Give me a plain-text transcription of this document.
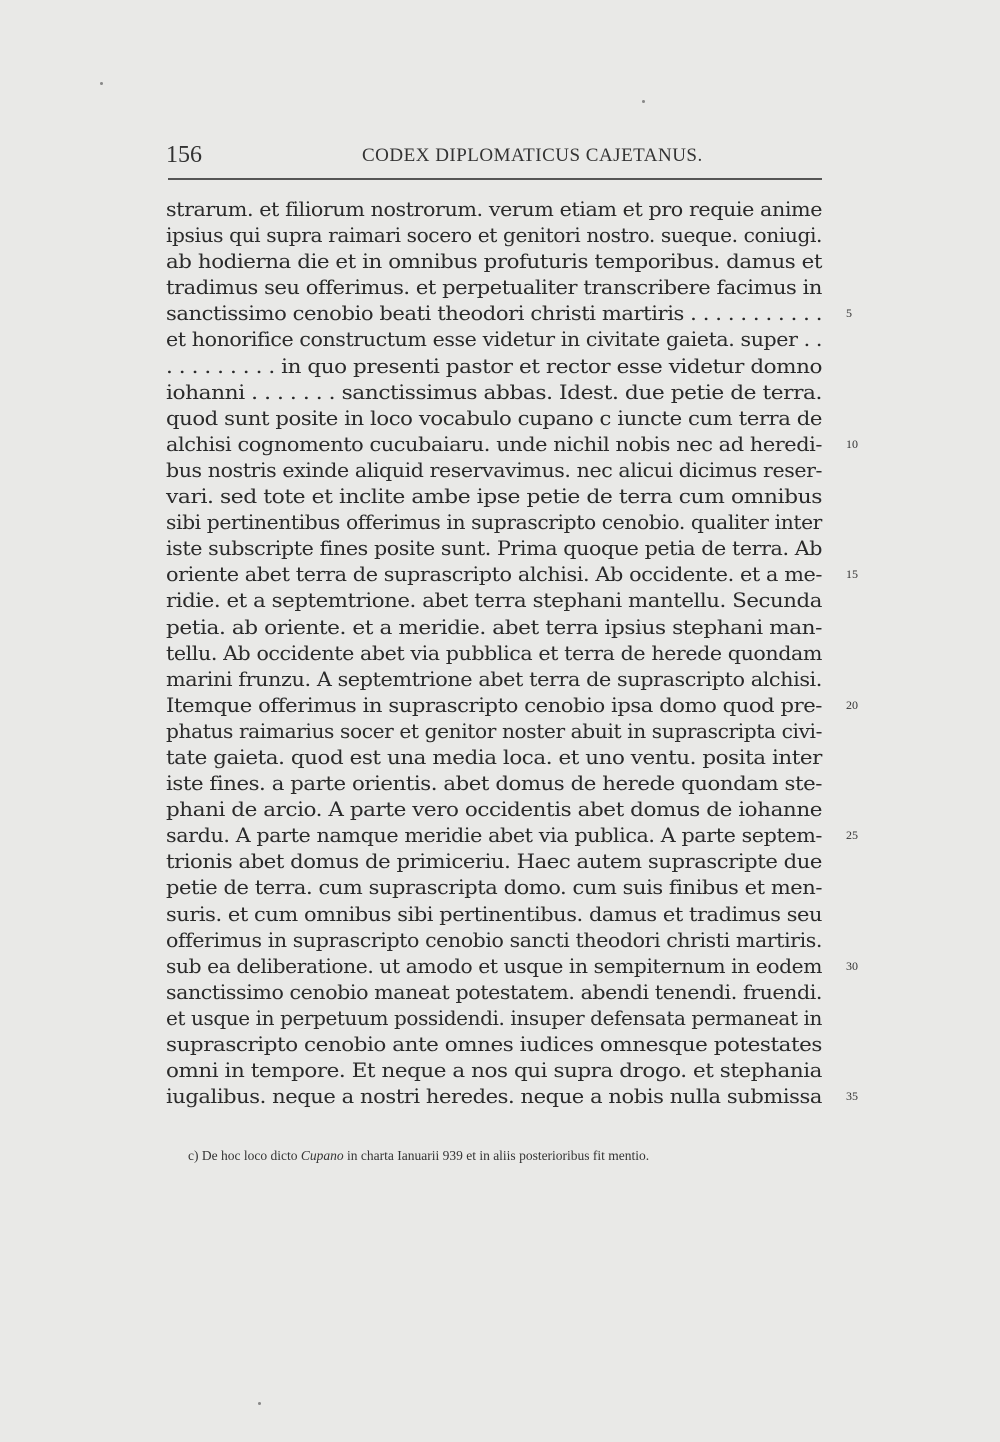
156	CODEX DIPLOMATICUS CAJETANUS.
strarum. et filiorum nostrorum. verum etiam et pro requie anime
ipsius qui supra raimari socero et genitori nostro. sueque. coniugi.
ab hodierna die et in omnibus profuturis temporibus. damus et
tradimus seu offerimus. et perpetualiter transcribere facimus in
sanctissimo cenobio beati theodori christi martiris . . . . . . . . . . . 5
et honorifice constructum esse videtur in civitate gaieta. super . .
. . . . . . . . . in quo presenti pastor et rector esse videtur domno
iohanni . . . . . . . sanctissimus abbas. Idest. due petie de terra.
quod sunt posite in loco vocabulo cupano c iuncte cum terra de
alchisi cognomento cucubaiaru. unde nichil nobis nec ad heredi- 10
bus nostris exinde aliquid reservavimus. nec alicui dicimus reser-
vari. sed tote et inclite ambe ipse petie de terra cum omnibus
sibi pertinentibus offerimus in suprascripto cenobio. qualiter inter
iste subscripte fines posite sunt. Prima quoque petia de terra. Ab
oriente abet terra de suprascripto alchisi. Ab occidente. et a me- 15
ridie. et a septemtrione. abet terra stephani mantellu. Secunda
petia. ab oriente. et a meridie. abet terra ipsius stephani man-
tellu. Ab occidente abet via pubblica et terra de herede quondam
marini frunzu. A septemtrione abet terra de suprascripto alchisi.
Itemque offerimus in suprascripto cenobio ipsa domo quod pre- 20
phatus raimarius socer et genitor noster abuit in suprascripta civi-
tate gaieta. quod est una media loca. et uno ventu. posita inter
iste fines. a parte orientis. abet domus de herede quondam ste-
phani de arcio. A parte vero occidentis abet domus de iohanne
sardu. A parte namque meridie abet via publica. A parte septem- 25
trionis abet domus de primiceriu. Haec autem suprascripte due
petie de terra. cum suprascripta domo. cum suis finibus et men-
suris. et cum omnibus sibi pertinentibus. damus et tradimus seu
offerimus in suprascripto cenobio sancti theodori christi martiris.
sub ea deliberatione. ut amodo et usque in sempiternum in eodem 30
sanctissimo cenobio maneat potestatem. abendi tenendi. fruendi.
et usque in perpetuum possidendi. insuper defensata permaneat in
suprascripto cenobio ante omnes iudices omnesque potestates
omni in tempore. Et neque a nos qui supra drogo. et stephania
iugalibus. neque a nostri heredes. neque a nobis nulla submissa 35
c) De hoc loco dicto Cupano in charta Ianuarii 939 et in aliis posterioribus fit mentio.
